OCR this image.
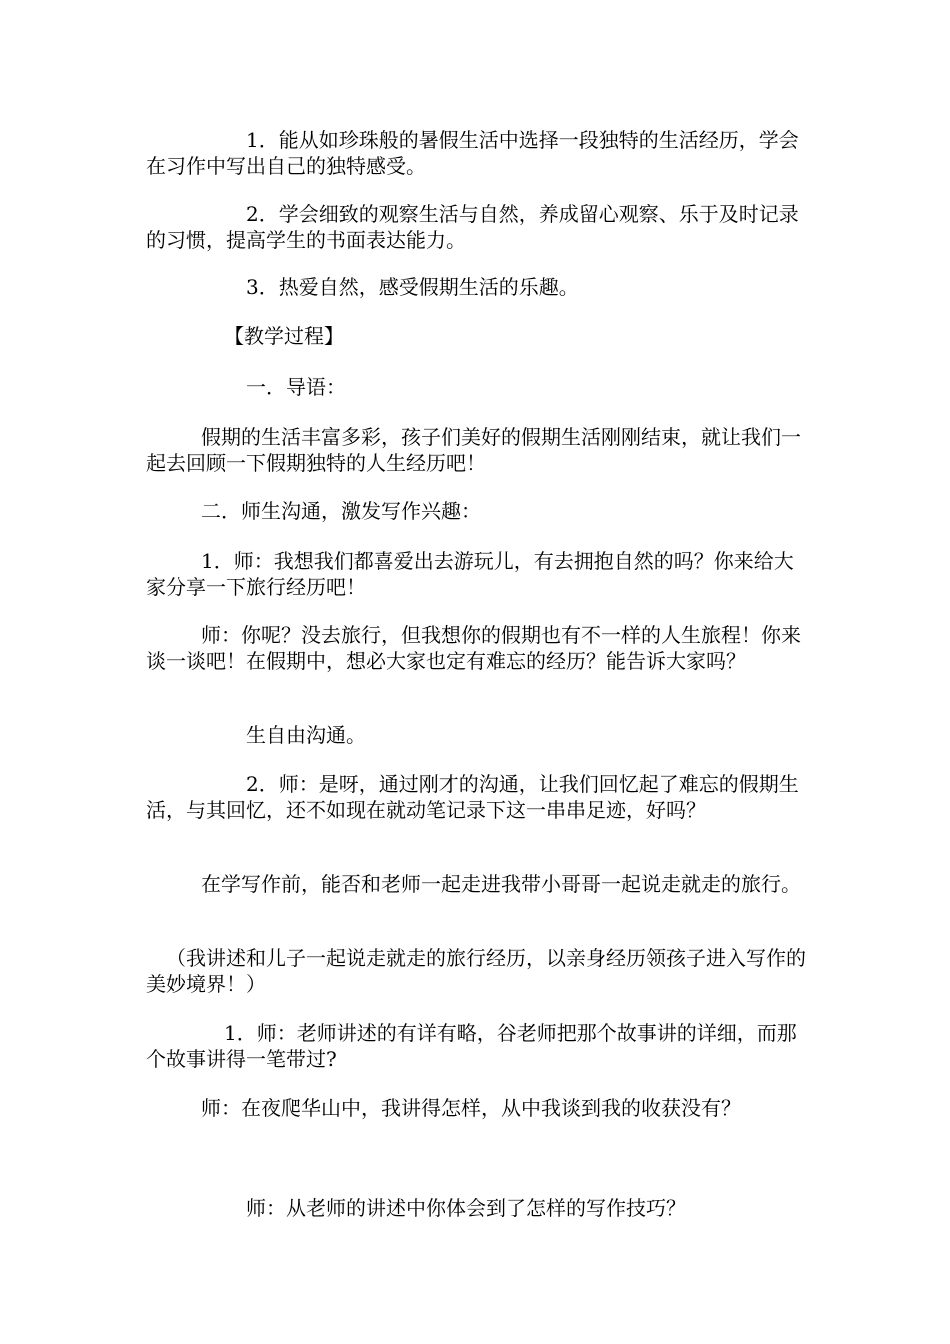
1．能从如珍珠般的暑假生活中选择一段独特的生活经历，学会在习作中写出自己的独特感受。

2．学会细致的观察生活与自然，养成留心观察、乐于及时记录的习惯，提高学生的书面表达能力。

3．热爱自然，感受假期生活的乐趣。

【教学过程】

一．导语：

假期的生活丰富多彩，孩子们美好的假期生活刚刚结束，就让我们一起去回顾一下假期独特的人生经历吧！

二．师生沟通，激发写作兴趣：

1．师：我想我们都喜爱出去游玩儿，有去拥抱自然的吗？你来给大家分享一下旅行经历吧！

师：你呢？没去旅行，但我想你的假期也有不一样的人生旅程！你来谈一谈吧！在假期中，想必大家也定有难忘的经历？能告诉大家吗？

生自由沟通。

2．师：是呀，通过刚才的沟通，让我们回忆起了难忘的假期生活，与其回忆，还不如现在就动笔记录下这一串串足迹，好吗？

在学写作前，能否和老师一起走进我带小哥哥一起说走就走的旅行。

（我讲述和儿子一起说走就走的旅行经历，以亲身经历领孩子进入写作的美妙境界！）

1．师：老师讲述的有详有略，谷老师把那个故事讲的详细，而那个故事讲得一笔带过?

师：在夜爬华山中，我讲得怎样，从中我谈到我的收获没有？

师：从老师的讲述中你体会到了怎样的写作技巧？
